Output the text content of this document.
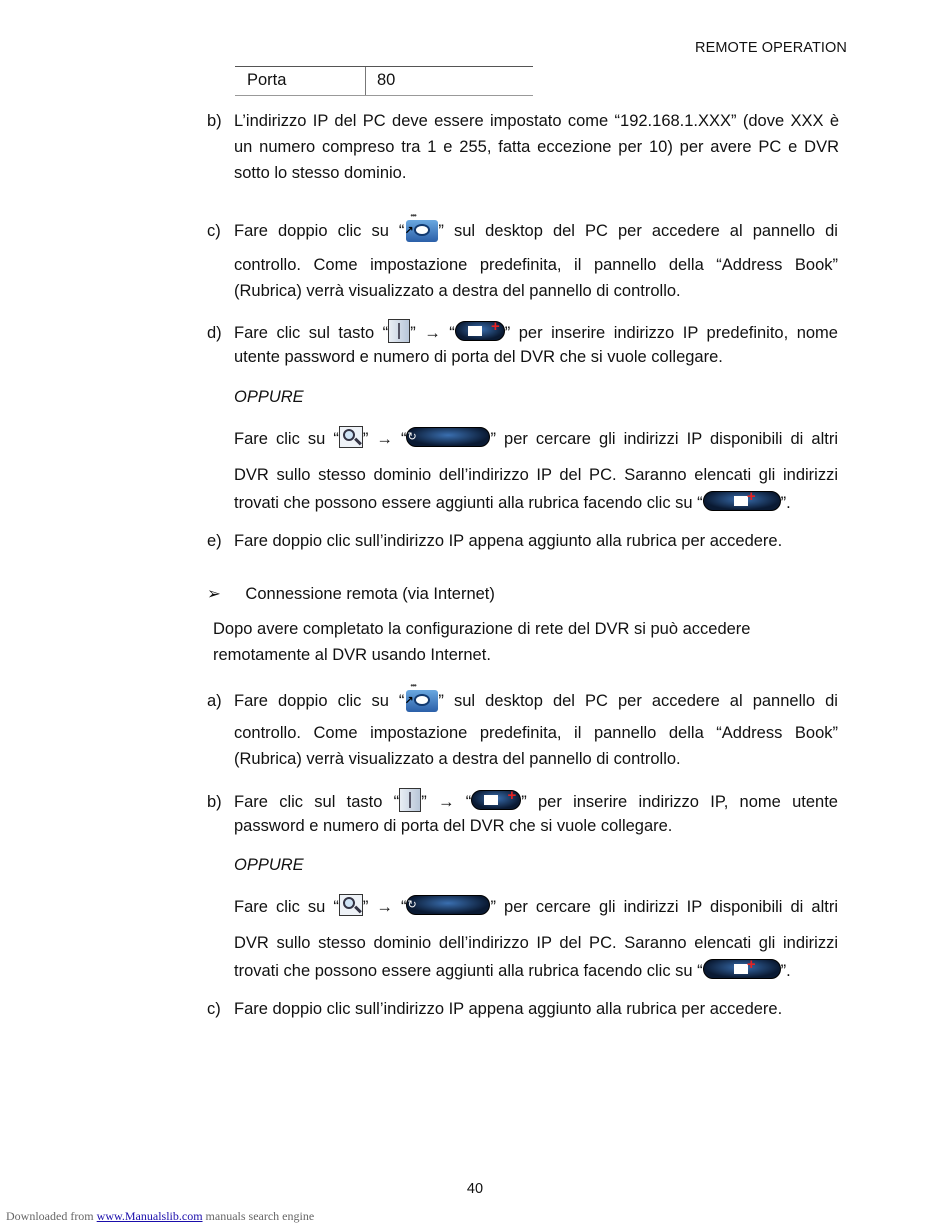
REMOTE OPERATION
Porta	80
b) L’indirizzo IP del PC deve essere impostato come “192.168.1.XXX” (dove XXX è un numero compreso tra 1 e 255, fatta eccezione per 10) per avere PC e DVR sotto lo stesso dominio.
c) Fare doppio clic su “
•••
↗ ” sul desktop del PC per accedere al pannello di
controllo. Come impostazione predefinita, il pannello della “Address Book”
(Rubrica) verrà visualizzato a destra del pannello di controllo.
d) Fare clic sul tasto “ ” → “ + ” per inserire indirizzo IP predefinito, nome
utente password e numero di porta del DVR che si vuole collegare.
OPPURE
Fare clic su “ ” → “↻	” per cercare gli indirizzi IP disponibili di altri
DVR sullo stesso dominio dell’indirizzo IP del PC. Saranno elencati gli indirizzi
trovati che possono essere aggiunti alla rubrica facendo clic su “	+ ”.
e) Fare doppio clic sull’indirizzo IP appena aggiunto alla rubrica per accedere.
➢ Connessione remota (via Internet)
Dopo avere completato la configurazione di rete del DVR si può accedere
remotamente al DVR usando Internet.
a) Fare doppio clic su “
•••
↗ ” sul desktop del PC per accedere al pannello di
controllo. Come impostazione predefinita, il pannello della “Address Book”
(Rubrica) verrà visualizzato a destra del pannello di controllo.
b) Fare clic sul tasto “ ” → “ + ” per inserire indirizzo IP, nome utente
password e numero di porta del DVR che si vuole collegare.
OPPURE
Fare clic su “ ” → “↻	” per cercare gli indirizzi IP disponibili di altri
DVR sullo stesso dominio dell’indirizzo IP del PC. Saranno elencati gli indirizzi
trovati che possono essere aggiunti alla rubrica facendo clic su “	+ ”.
c) Fare doppio clic sull’indirizzo IP appena aggiunto alla rubrica per accedere.
40
Downloaded from www.Manualslib.com manuals search engine
